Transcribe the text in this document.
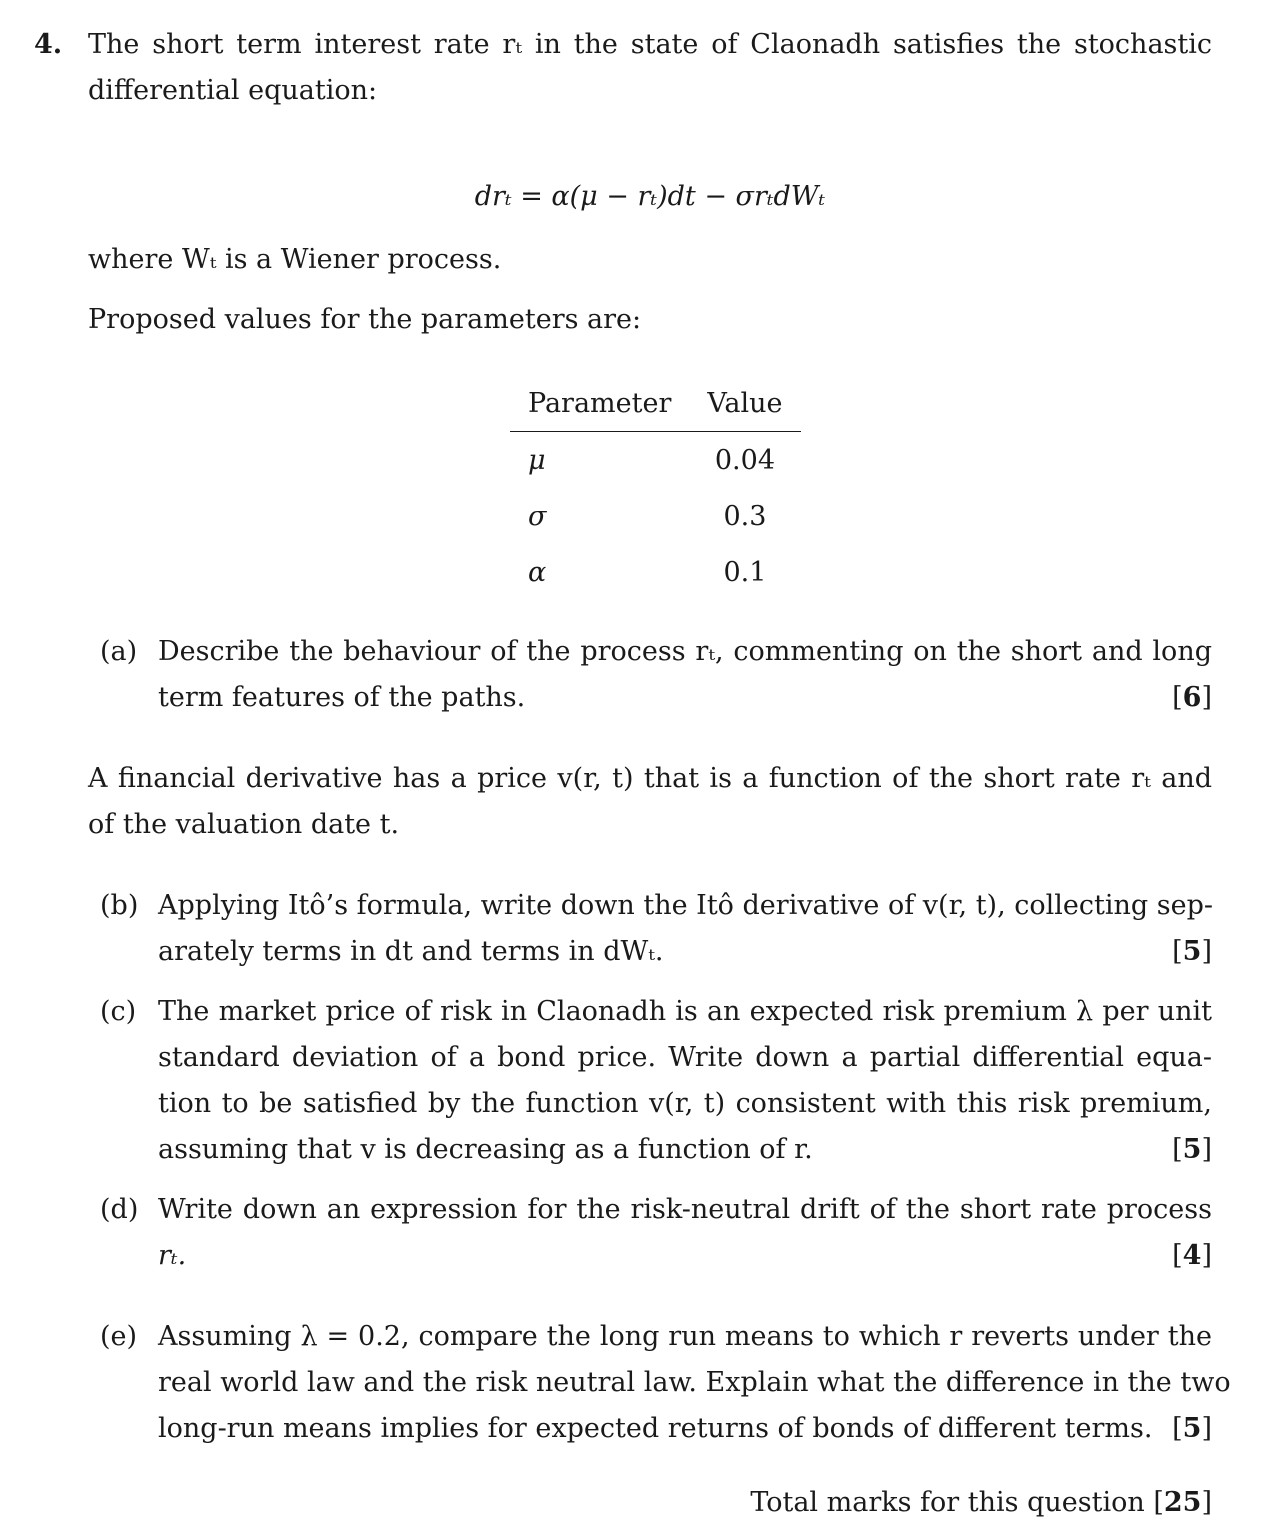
4. The short term interest rate rₜ in the state of Claonadh satisfies the stochastic
differential equation:
drₜ = α(μ − rₜ)dt − σrₜdWₜ
where Wₜ is a Wiener process.
Proposed values for the parameters are:
Parameter	Value
μ	0.04
σ	0.3
α	0.1
(a) Describe the behaviour of the process rₜ, commenting on the short and long
term features of the paths.	[6]
A financial derivative has a price v(r, t) that is a function of the short rate rₜ and
of the valuation date t.
(b) Applying Itô’s formula, write down the Itô derivative of v(r, t), collecting sep-
arately terms in dt and terms in dWₜ.	[5]
(c) The market price of risk in Claonadh is an expected risk premium λ per unit
standard deviation of a bond price. Write down a partial differential equa-
tion to be satisfied by the function v(r, t) consistent with this risk premium,
assuming that v is decreasing as a function of r.	[5]
(d) Write down an expression for the risk-neutral drift of the short rate process
rₜ.	[4]
(e) Assuming λ = 0.2, compare the long run means to which r reverts under the
real world law and the risk neutral law. Explain what the difference in the two
long-run means implies for expected returns of bonds of different terms. [5]
Total marks for this question [25]
